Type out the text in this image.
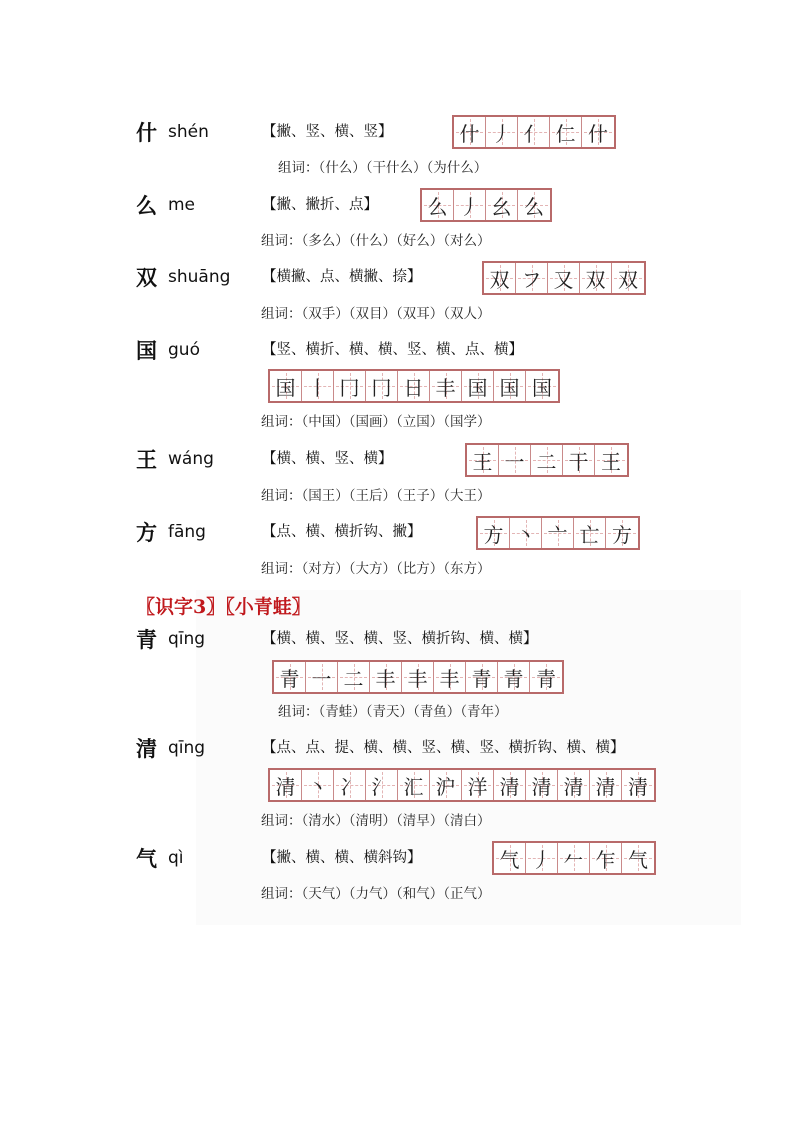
什 shén	【撇、竖、横、竖】	什 丿 亻 仁 什
组词：（什么）（干什么）（为什么）
么 me	【撇、撇折、点】 么 丿 幺 么
组词：（多么）（什么）（好么）（对么）
双 shuāng 【横撇、点、横撇、捺】	双 フ 又 双 双
组词：（双手）（双目）（双耳）（双人）
国 guó	【竖、横折、横、横、竖、横、点、横】
国 丨 冂 冂 日 丰 国 国 国
组词：（中国）（国画）（立国）（国学）
王 wáng	【横、横、竖、横】	王 一 二 干 王
组词：（国王）（王后）（王子）（大王）
方 fāng	【点、横、横折钩、撇】	方 丶 亠 亡 方
组词：（对方）（大方）（比方）（东方）
〖识字3〗〖小青蛙〗
青 qīng	【横、横、竖、横、竖、横折钩、横、横】
青 一 二 丰 丰 丰 青 青 青
组词：（青蛙）（青天）（青鱼）（青年）
清 qīng	【点、点、提、横、横、竖、横、竖、横折钩、横、横】
清 丶 冫 氵 汇 沪 洋 清 清 清 清 清
组词：（清水）（清明）（清早）（清白）
气 qì	【撇、横、横、横斜钩】	气 丿 𠂉 乍 气
组词：（天气）（力气）（和气）（正气）
